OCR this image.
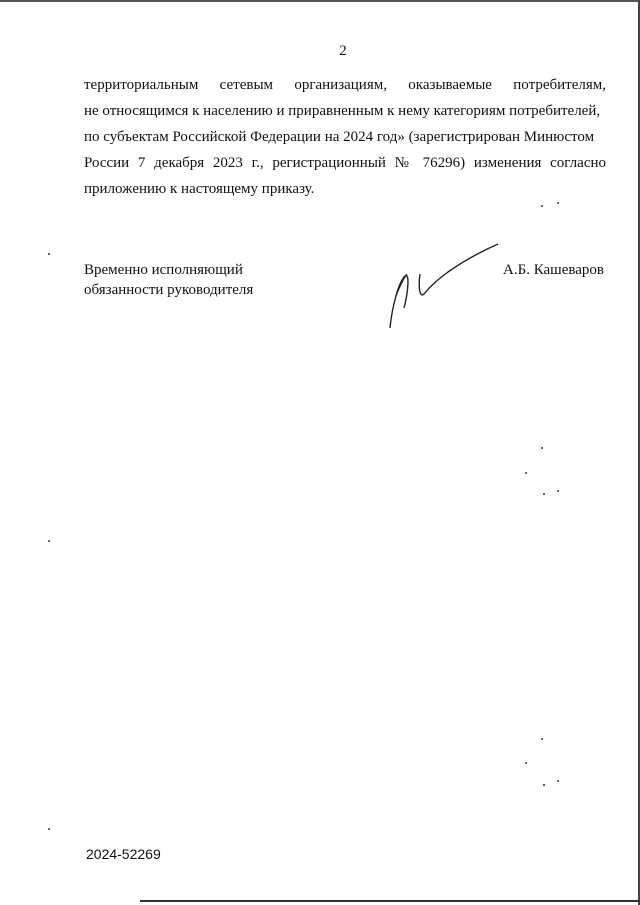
2
территориальным сетевым организациям, оказываемые потребителям,
не относящимся к населению и приравненным к нему категориям потребителей,
по субъектам Российской Федерации на 2024 год» (зарегистрирован Минюстом
России 7 декабря 2023 г., регистрационный № 76296) изменения согласно
приложению к настоящему приказу.
Временно исполняющий
обязанности руководителя
А.Б. Кашеваров
2024-52269
